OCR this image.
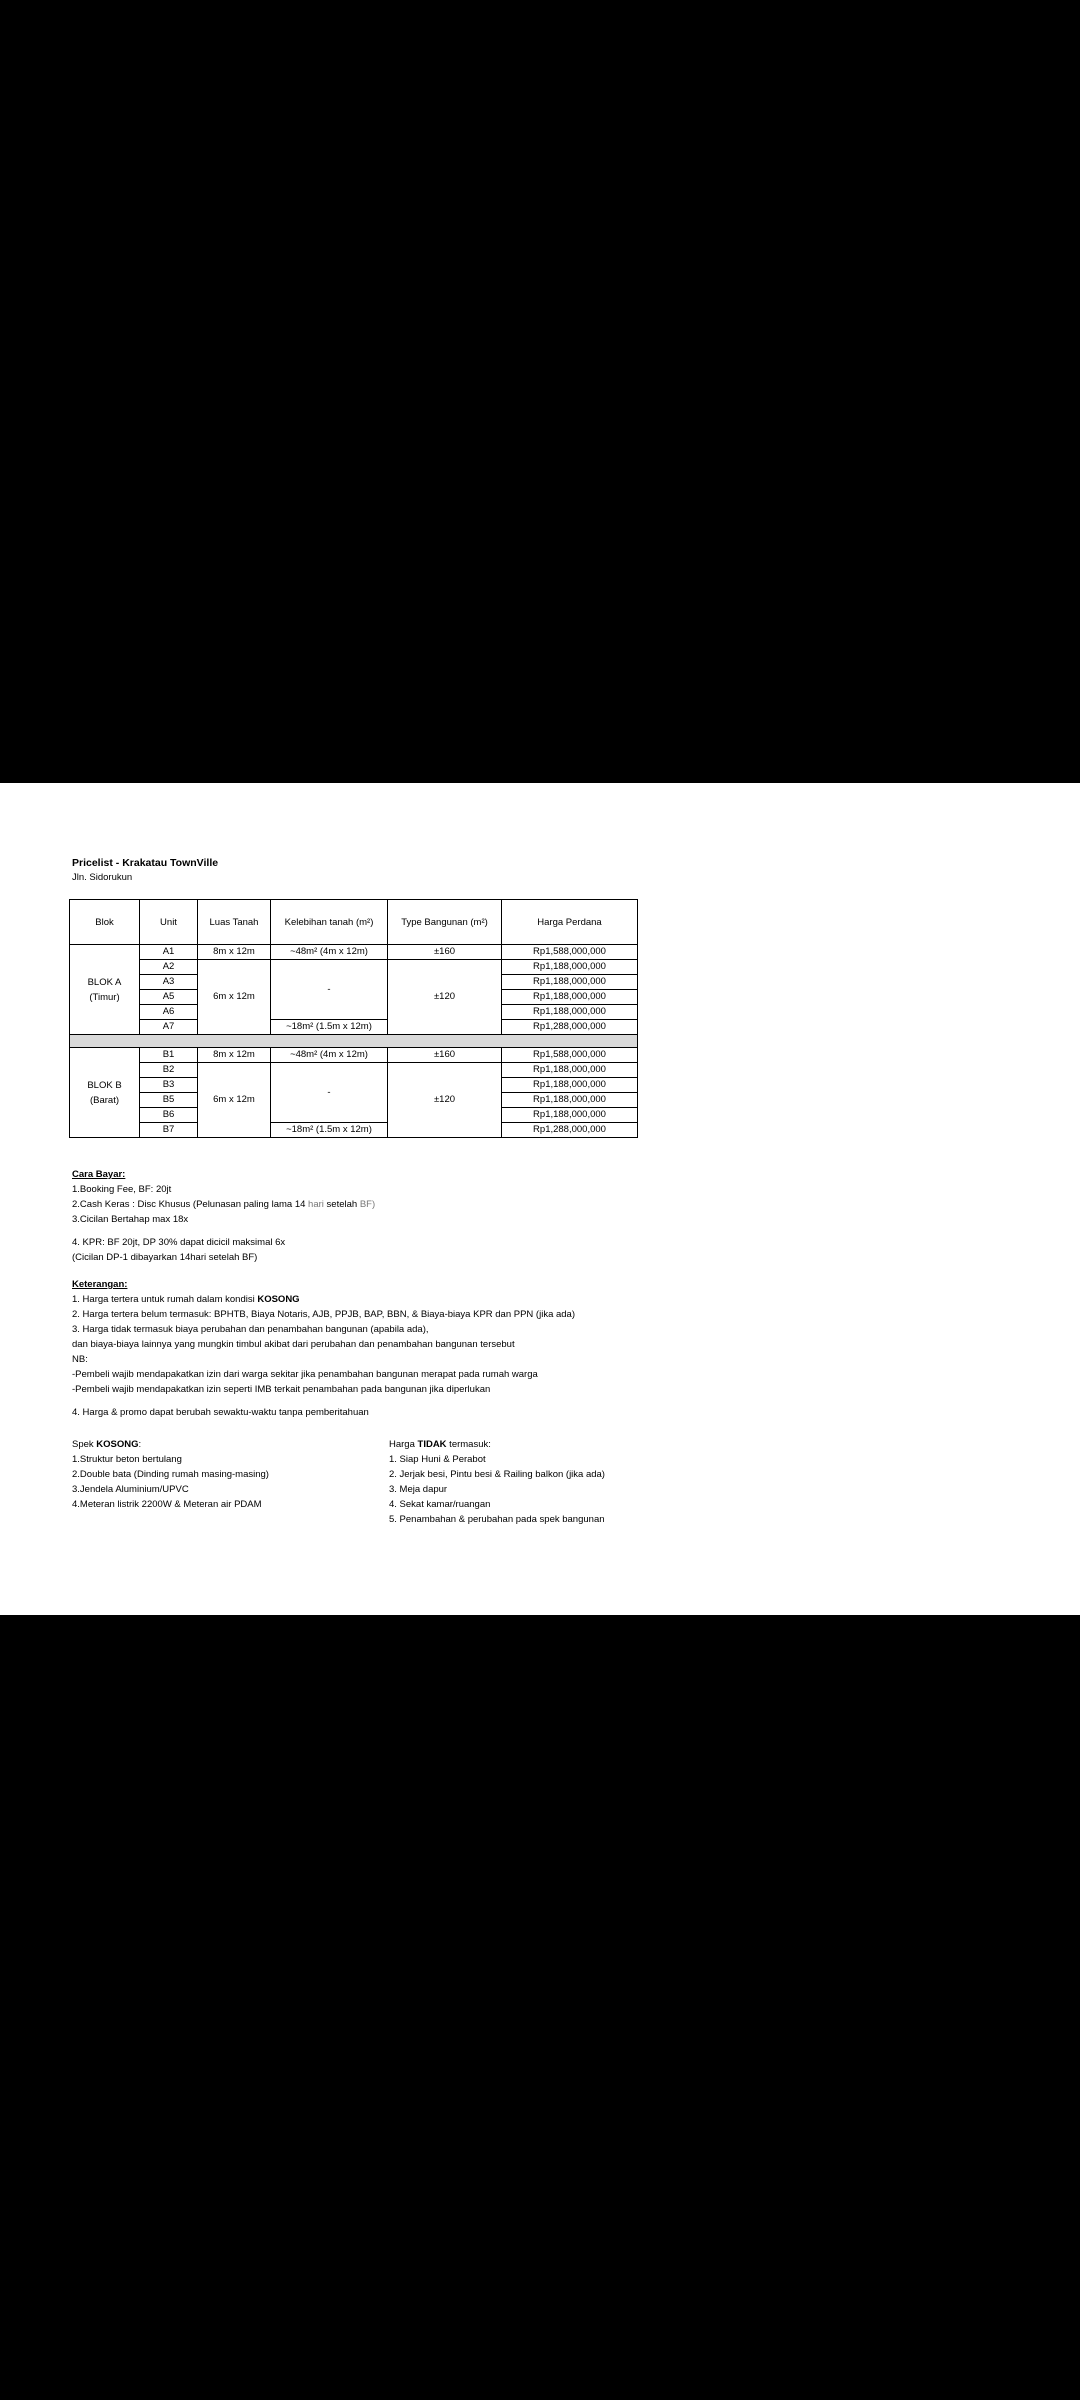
Pricelist - Krakatau TownVille
Jln. Sidorukun
Blok	Unit	Luas Tanah	Kelebihan tanah (m²)	Type Bangunan (m²)	Harga Perdana

BLOK A
(Timur)	A1	8m x 12m	~48m² (4m x 12m)	±160	Rp1,588,000,000
	A2	6m x 12m	-	±120	Rp1,188,000,000
	A3				Rp1,188,000,000
	A5				Rp1,188,000,000
	A6				Rp1,188,000,000
	A7		~18m² (1.5m x 12m)		Rp1,288,000,000

BLOK B
(Barat)	B1	8m x 12m	~48m² (4m x 12m)	±160	Rp1,588,000,000
	B2	6m x 12m	-	±120	Rp1,188,000,000
	B3				Rp1,188,000,000
	B5				Rp1,188,000,000
	B6				Rp1,188,000,000
	B7		~18m² (1.5m x 12m)		Rp1,288,000,000

Cara Bayar:

1.Booking Fee, BF: 20jt

2.Cash Keras : Disc Khusus (Pelunasan paling lama 14 hari setelah BF)

3.Cicilan Bertahap max 18x

4. KPR: BF 20jt, DP 30% dapat dicicil maksimal 6x

(Cicilan DP-1 dibayarkan 14hari setelah BF)

Keterangan:

1. Harga tertera untuk rumah dalam kondisi KOSONG

2. Harga tertera belum termasuk: BPHTB, Biaya Notaris, AJB, PPJB, BAP, BBN, & Biaya-biaya KPR dan PPN (jika ada)

3. Harga tidak termasuk biaya perubahan dan penambahan bangunan (apabila ada),

dan biaya-biaya lainnya yang mungkin timbul akibat dari perubahan dan penambahan bangunan tersebut

NB:

-Pembeli wajib mendapakatkan izin dari warga sekitar jika penambahan bangunan merapat pada rumah warga

-Pembeli wajib mendapakatkan izin seperti IMB terkait penambahan pada bangunan jika diperlukan

4. Harga & promo dapat berubah sewaktu-waktu tanpa pemberitahuan

Spek KOSONG:

1.Struktur beton bertulang

2.Double bata (Dinding rumah masing-masing)

3.Jendela Aluminium/UPVC

4.Meteran listrik 2200W & Meteran air PDAM

Harga TIDAK termasuk:

1. Siap Huni & Perabot

2. Jerjak besi, Pintu besi & Railing balkon (jika ada)

3. Meja dapur

4. Sekat kamar/ruangan

5. Penambahan & perubahan pada spek bangunan
